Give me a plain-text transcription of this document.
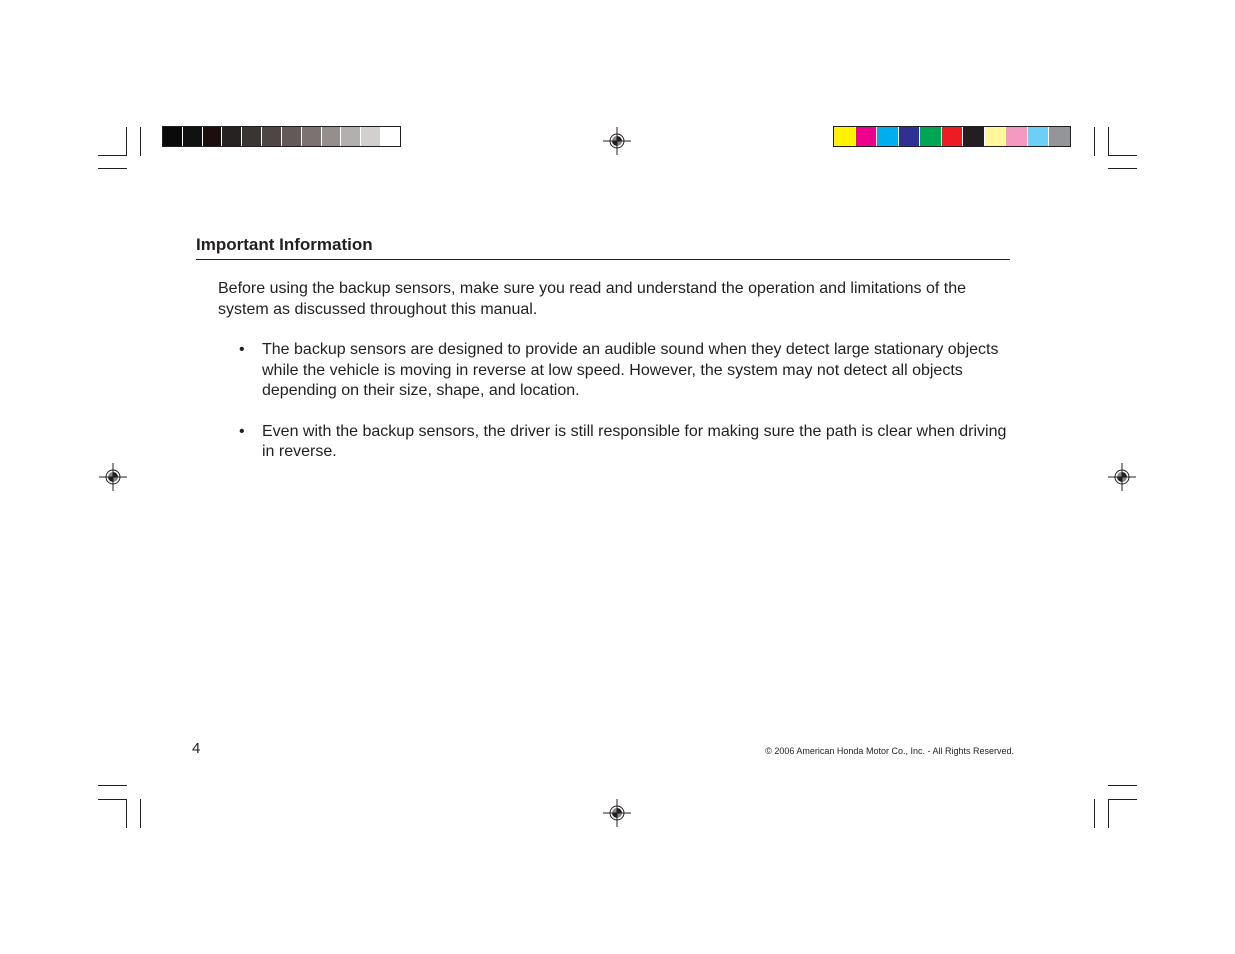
Important Information

Before using the backup sensors, make sure you read and understand the operation and limitations of the system as discussed throughout this manual.

• The backup sensors are designed to provide an audible sound when they detect large stationary objects while the vehicle is moving in reverse at low speed. However, the system may not detect all objects depending on their size, shape, and location.
• Even with the backup sensors, the driver is still responsible for making sure the path is clear when driving in reverse.
4	© 2006 American Honda Motor Co., Inc. - All Rights Reserved.
